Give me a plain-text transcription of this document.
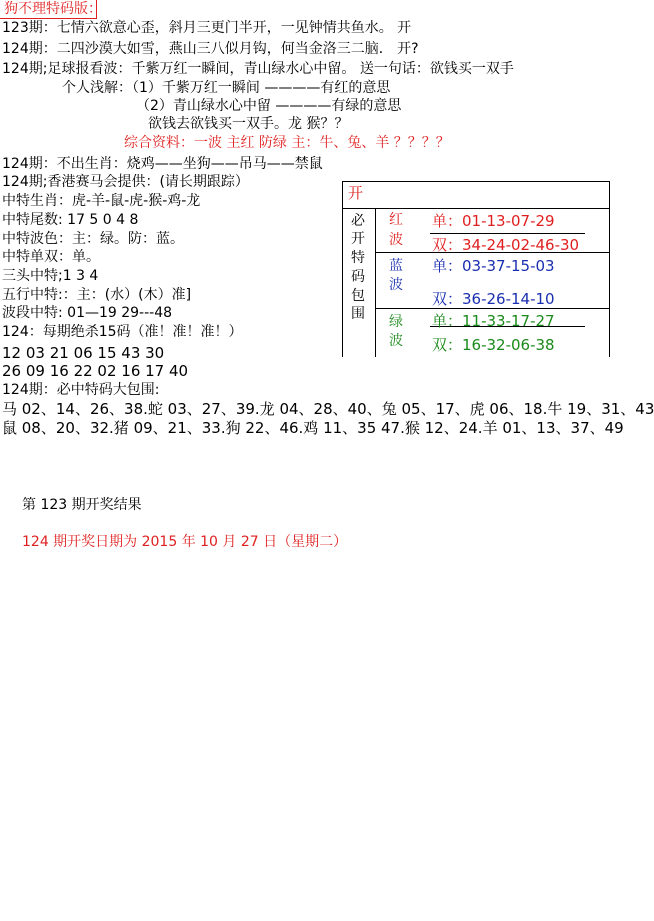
狗不理特码版：
123期：七情六欲意心歪，斜月三更门半开，一见钟情共鱼水。 开
124期：二四沙漠大如雪，燕山三八似月钩，何当金洛三二脑． 开?
124期;足球报看波：千紫万红一瞬间，青山绿水心中留。 送一句话：欲钱买一双手
个人浅解：（1）千紫万红一瞬间 ————有红的意思
（2）青山绿水心中留 ————有绿的意思
欲钱去欲钱买一双手。龙 猴？？
综合资料：一波 主红 防绿 主：牛、兔、羊 ？？？？
124期：不出生肖：烧鸡——坐狗——吊马——禁鼠
124期;香港赛马会提供：(请长期跟踪）
中特生肖：虎-羊-鼠-虎-猴-鸡-龙
中特尾数: 17 5 0 4 8
中特波色：主：绿。防：蓝。
中特单双：单。
三头中特;1 3 4
五行中特:：主：(水）(木）准]
波段中特: 01—19 29---48
124：每期绝杀15码（准！准！准！）
12 03 21 06 15 43 30
26 09 16 22 02 16 17 40
124期：必中特码大包围:
马 02、14、26、38.蛇 03、27、39.龙 04、28、40、兔 05、17、虎 06、18.牛 19、31、43
鼠 08、20、32.猪 09、21、33.狗 22、46.鸡 11、35 47.猴 12、24.羊 01、13、37、49
开
必
开
特
码
包
围
红
波
蓝
波
绿
波
单：01-13-07-29
双：34-24-02-46-30
单：03-37-15-03
双：36-26-14-10
单：11-33-17-27
双：16-32-06-38
第 123 期开奖结果
124 期开奖日期为 2015 年 10 月 27 日（星期二）
